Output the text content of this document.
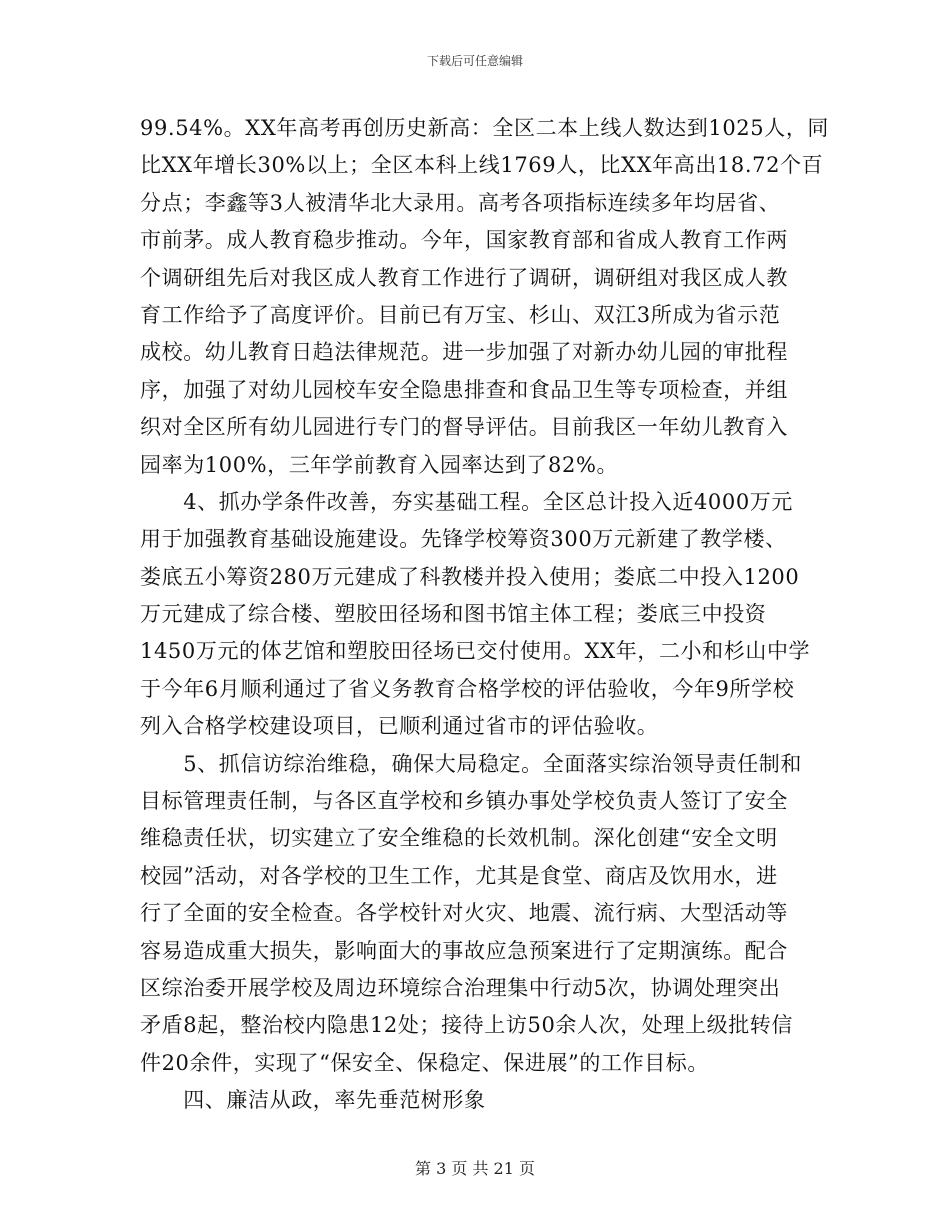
下载后可任意编辑
99.54%。XX年高考再创历史新高：全区二本上线人数达到1025人，同
比XX年增长30%以上；全区本科上线1769人，比XX年高出18.72个百
分点；李鑫等3人被清华北大录用。高考各项指标连续多年均居省、
市前茅。成人教育稳步推动。今年，国家教育部和省成人教育工作两
个调研组先后对我区成人教育工作进行了调研，调研组对我区成人教
育工作给予了高度评价。目前已有万宝、杉山、双江3所成为省示范
成校。幼儿教育日趋法律规范。进一步加强了对新办幼儿园的审批程
序，加强了对幼儿园校车安全隐患排查和食品卫生等专项检查，并组
织对全区所有幼儿园进行专门的督导评估。目前我区一年幼儿教育入
园率为100%，三年学前教育入园率达到了82%。
　　4、抓办学条件改善，夯实基础工程。全区总计投入近4000万元
用于加强教育基础设施建设。先锋学校筹资300万元新建了教学楼、
娄底五小筹资280万元建成了科教楼并投入使用；娄底二中投入1200
万元建成了综合楼、塑胶田径场和图书馆主体工程；娄底三中投资
1450万元的体艺馆和塑胶田径场已交付使用。XX年，二小和杉山中学
于今年6月顺利通过了省义务教育合格学校的评估验收，今年9所学校
列入合格学校建设项目，已顺利通过省市的评估验收。
　　5、抓信访综治维稳，确保大局稳定。全面落实综治领导责任制和
目标管理责任制，与各区直学校和乡镇办事处学校负责人签订了安全
维稳责任状，切实建立了安全维稳的长效机制。深化创建“安全文明
校园”活动，对各学校的卫生工作，尤其是食堂、商店及饮用水，进
行了全面的安全检查。各学校针对火灾、地震、流行病、大型活动等
容易造成重大损失，影响面大的事故应急预案进行了定期演练。配合
区综治委开展学校及周边环境综合治理集中行动5次，协调处理突出
矛盾8起，整治校内隐患12处；接待上访50余人次，处理上级批转信
件20余件，实现了“保安全、保稳定、保进展”的工作目标。
　　四、廉洁从政，率先垂范树形象
第 3 页 共 21 页
